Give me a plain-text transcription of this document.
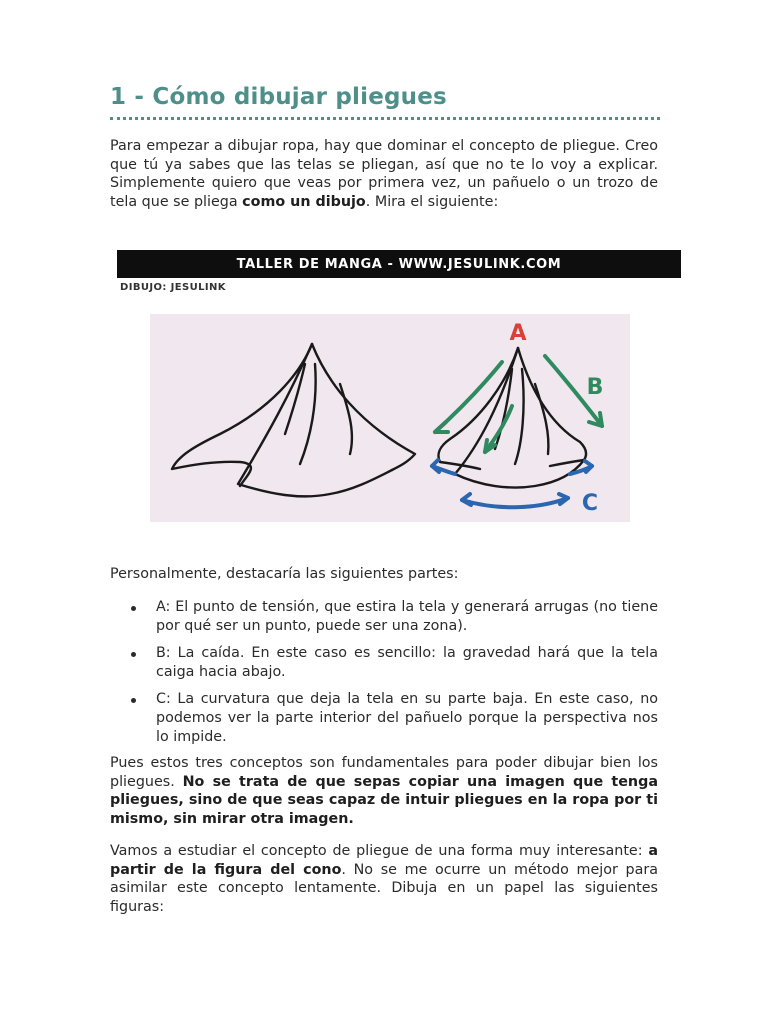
1 - Cómo dibujar pliegues

Para empezar a dibujar ropa, hay que dominar el concepto de pliegue. Creo que tú ya sabes que las telas se pliegan, así que no te lo voy a explicar. Simplemente quiero que veas por primera vez, un pañuelo o un trozo de tela que se pliega como un dibujo. Mira el siguiente:

TALLER DE MANGA - WWW.JESULINK.COM
DIBUJO: JESULINK
A
B
C

Personalmente, destacaría las siguientes partes:

A: El punto de tensión, que estira la tela y generará arrugas (no tiene por qué ser un punto, puede ser una zona).
B: La caída. En este caso es sencillo: la gravedad hará que la tela caiga hacia abajo.
C: La curvatura que deja la tela en su parte baja. En este caso, no podemos ver la parte interior del pañuelo porque la perspectiva nos lo impide.

Pues estos tres conceptos son fundamentales para poder dibujar bien los pliegues. No se trata de que sepas copiar una imagen que tenga pliegues, sino de que seas capaz de intuir pliegues en la ropa por ti mismo, sin mirar otra imagen.

Vamos a estudiar el concepto de pliegue de una forma muy interesante: a partir de la figura del cono. No se me ocurre un método mejor para asimilar este concepto lentamente. Dibuja en un papel las siguientes figuras:
